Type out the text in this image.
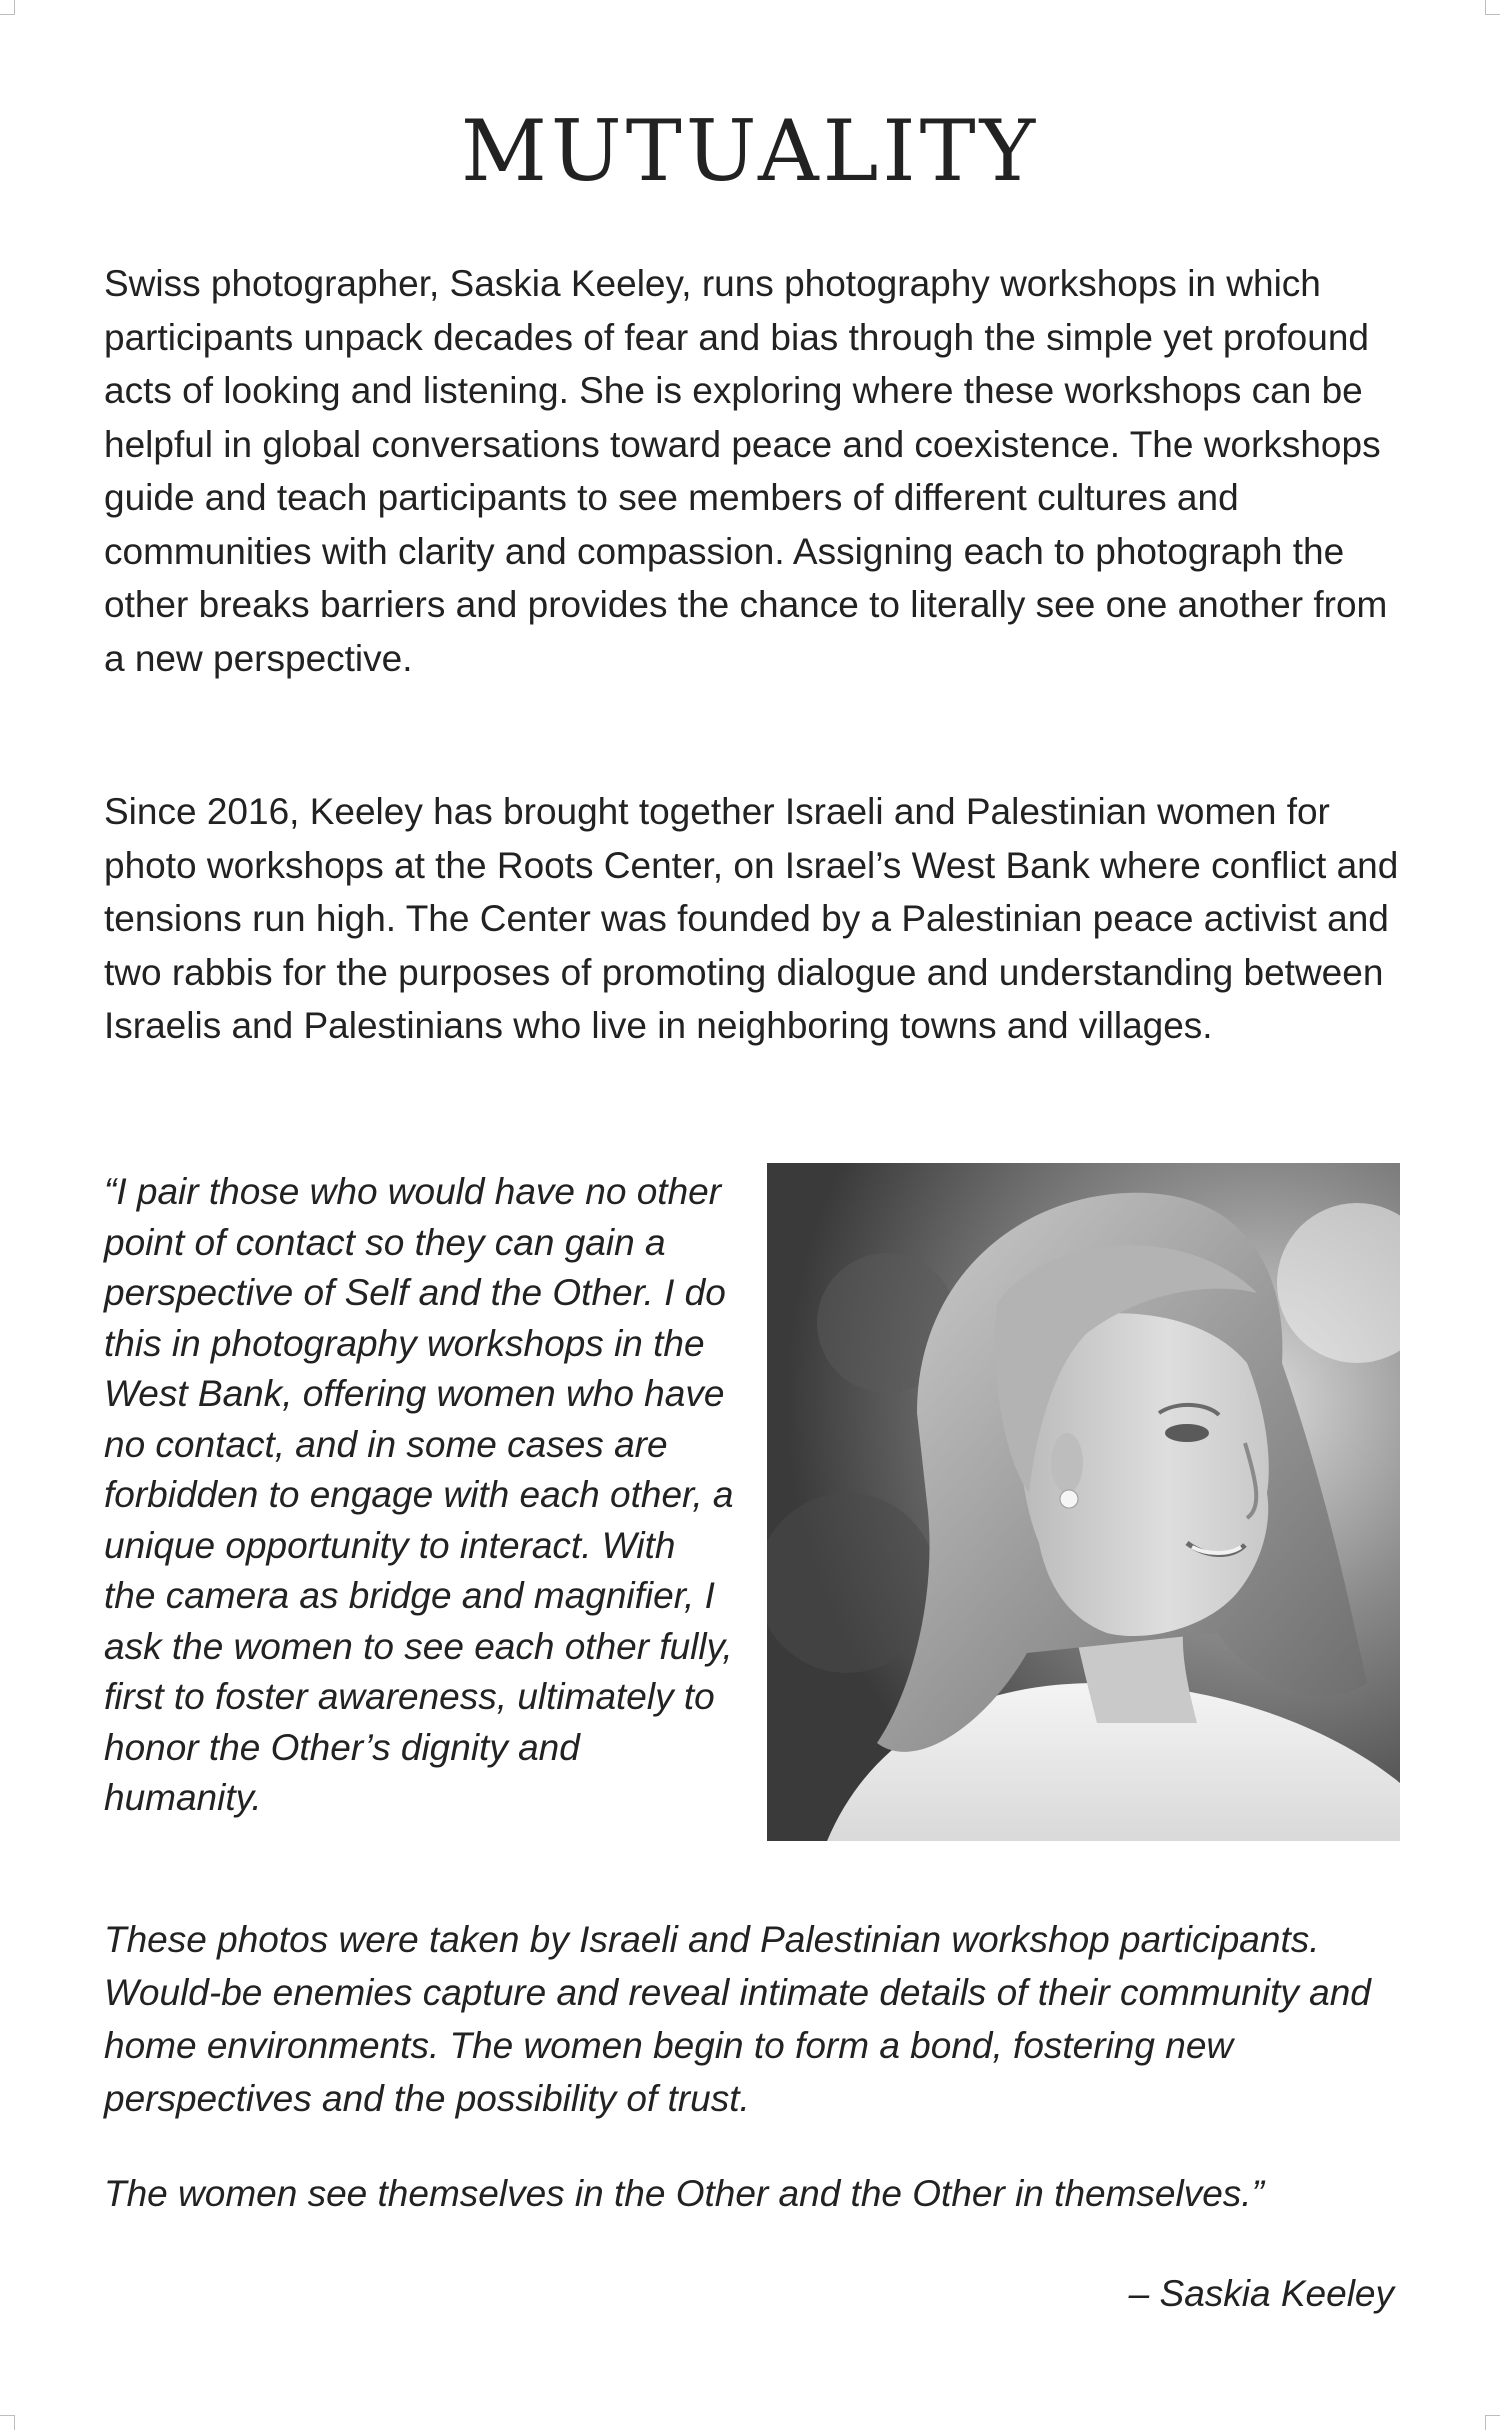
MUTUALITY

Swiss photographer, Saskia Keeley, runs photography workshops in which participants unpack decades of fear and bias through the simple yet profound acts of looking and listening. She is exploring where these workshops can be helpful in global conversations toward peace and coexistence. The workshops guide and teach participants to see members of different cultures and communities with clarity and compassion. Assigning each to photograph the other breaks barriers and provides the chance to literally see one another from a new perspective.

Since 2016, Keeley has brought together Israeli and Palestinian women for photo workshops at the Roots Center, on Israel’s West Bank where conflict and tensions run high. The Center was founded by a Palestinian peace activist and two rabbis for the purposes of promoting dialogue and understanding between Israelis and Palestinians who live in neighboring towns and villages.

“I pair those who would have no other point of contact so they can gain a perspective of Self and the Other. I do this in photography workshops in the West Bank, offering women who have no contact, and in some cases are forbidden to engage with each other, a unique opportunity to interact. With the camera as bridge and magnifier, I ask the women to see each other fully, first to foster awareness, ultimately to honor the Other’s dignity and humanity.

These photos were taken by Israeli and Palestinian workshop participants. Would-be enemies capture and reveal intimate details of their community and home environments. The women begin to form a bond, fostering new perspectives and the possibility of trust.

The women see themselves in the Other and the Other in themselves.”

– Saskia Keeley
